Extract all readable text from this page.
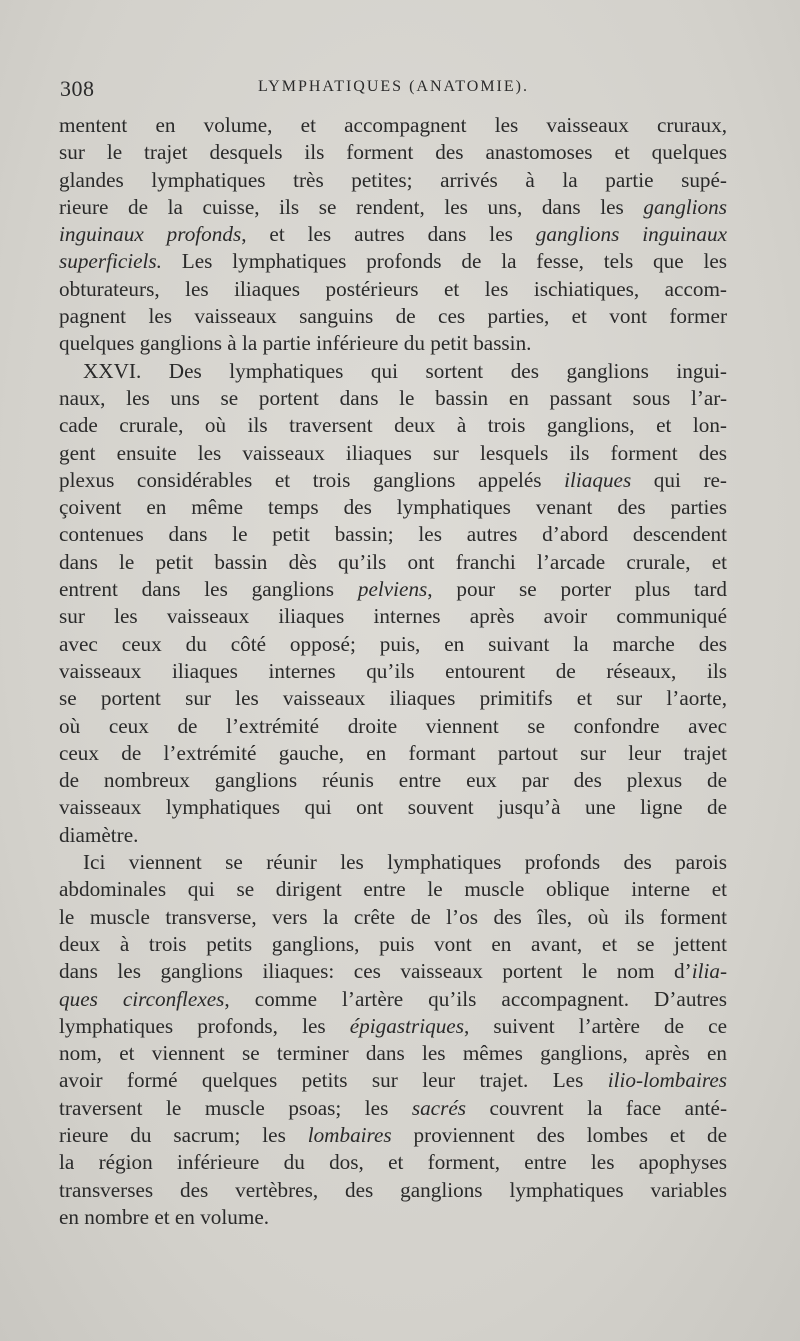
308	LYMPHATIQUES (ANATOMIE).
mentent en volume, et accompagnent les vaisseaux cruraux,
sur le trajet desquels ils forment des anastomoses et quelques
glandes lymphatiques très petites; arrivés à la partie supé-
rieure de la cuisse, ils se rendent, les uns, dans les ganglions
inguinaux profonds, et les autres dans les ganglions inguinaux
superficiels. Les lymphatiques profonds de la fesse, tels que les
obturateurs, les iliaques postérieurs et les ischiatiques, accom-
pagnent les vaisseaux sanguins de ces parties, et vont former
quelques ganglions à la partie inférieure du petit bassin.
XXVI. Des lymphatiques qui sortent des ganglions ingui-
naux, les uns se portent dans le bassin en passant sous l’ar-
cade crurale, où ils traversent deux à trois ganglions, et lon-
gent ensuite les vaisseaux iliaques sur lesquels ils forment des
plexus considérables et trois ganglions appelés iliaques qui re-
çoivent en même temps des lymphatiques venant des parties
contenues dans le petit bassin; les autres d’abord descendent
dans le petit bassin dès qu’ils ont franchi l’arcade crurale, et
entrent dans les ganglions pelviens, pour se porter plus tard
sur les vaisseaux iliaques internes après avoir communiqué
avec ceux du côté opposé; puis, en suivant la marche des
vaisseaux iliaques internes qu’ils entourent de réseaux, ils
se portent sur les vaisseaux iliaques primitifs et sur l’aorte,
où ceux de l’extrémité droite viennent se confondre avec
ceux de l’extrémité gauche, en formant partout sur leur trajet
de nombreux ganglions réunis entre eux par des plexus de
vaisseaux lymphatiques qui ont souvent jusqu’à une ligne de
diamètre.
Ici viennent se réunir les lymphatiques profonds des parois
abdominales qui se dirigent entre le muscle oblique interne et
le muscle transverse, vers la crête de l’os des îles, où ils forment
deux à trois petits ganglions, puis vont en avant, et se jettent
dans les ganglions iliaques: ces vaisseaux portent le nom d’ilia-
ques circonflexes, comme l’artère qu’ils accompagnent. D’autres
lymphatiques profonds, les épigastriques, suivent l’artère de ce
nom, et viennent se terminer dans les mêmes ganglions, après en
avoir formé quelques petits sur leur trajet. Les ilio-lombaires
traversent le muscle psoas; les sacrés couvrent la face anté-
rieure du sacrum; les lombaires proviennent des lombes et de
la région inférieure du dos, et forment, entre les apophyses
transverses des vertèbres, des ganglions lymphatiques variables
en nombre et en volume.
